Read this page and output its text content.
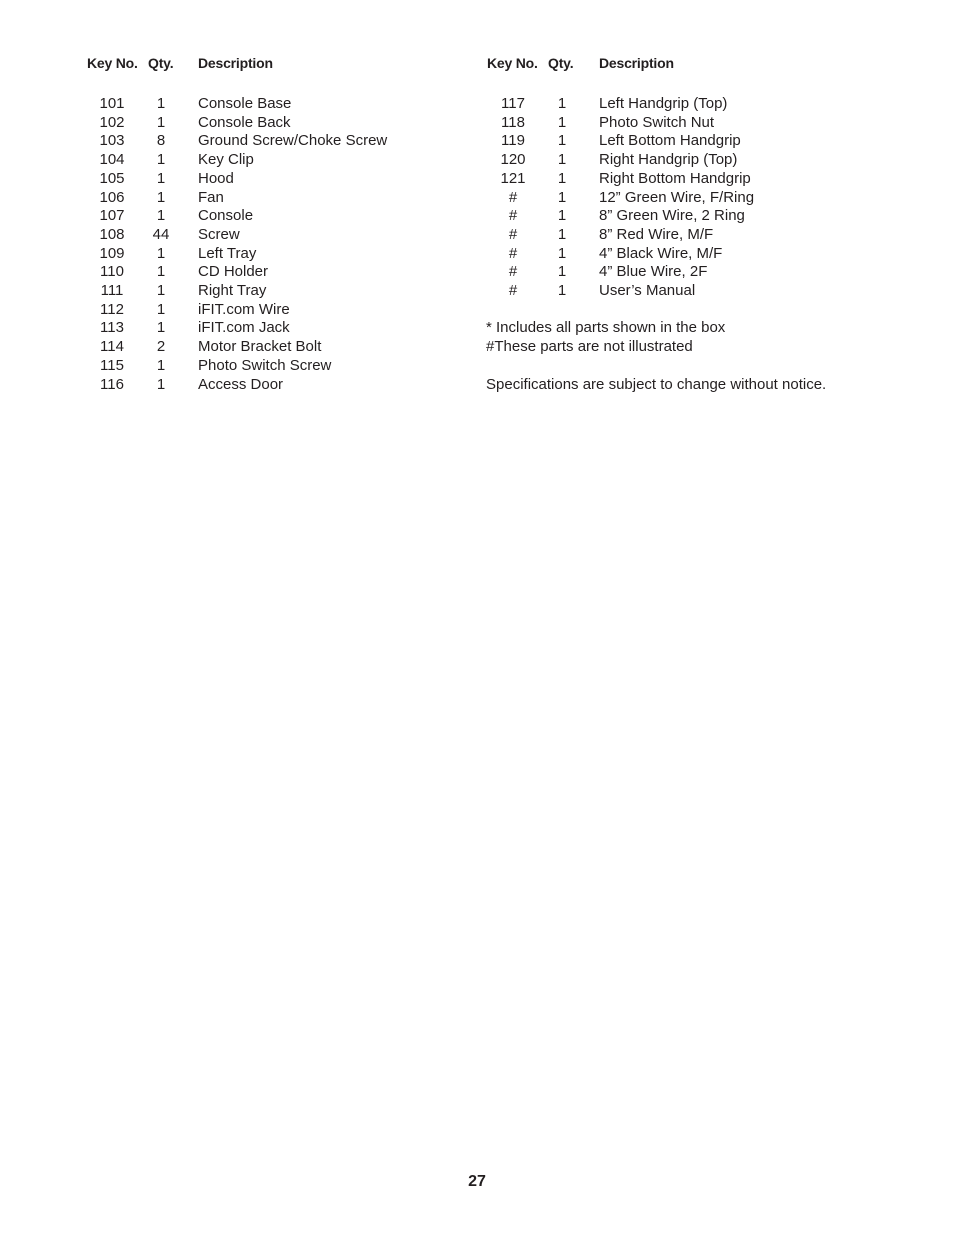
Key No. Qty. Description	Key No. Qty. Description
101	1	Console Base
102	1	Console Back
103	8	Ground Screw/Choke Screw
104	1	Key Clip
105	1	Hood
106	1	Fan
107	1	Console
108	44	Screw
109	1	Left Tray
110	1	CD Holder
111	1	Right Tray
112	1	iFIT.com Wire
113	1	iFIT.com Jack
114	2	Motor Bracket Bolt
115	1	Photo Switch Screw
116	1	Access Door
117	1	Left Handgrip (Top)
118	1	Photo Switch Nut
119	1	Left Bottom Handgrip
120	1	Right Handgrip (Top)
121	1	Right Bottom Handgrip
#	1	12” Green Wire, F/Ring
#	1	8” Green Wire, 2 Ring
#	1	8” Red Wire, M/F
#	1	4” Black Wire, M/F
#	1	4” Blue Wire, 2F
#	1	User’s Manual
* Includes all parts shown in the box
#These parts are not illustrated
Specifications are subject to change without notice.
27
